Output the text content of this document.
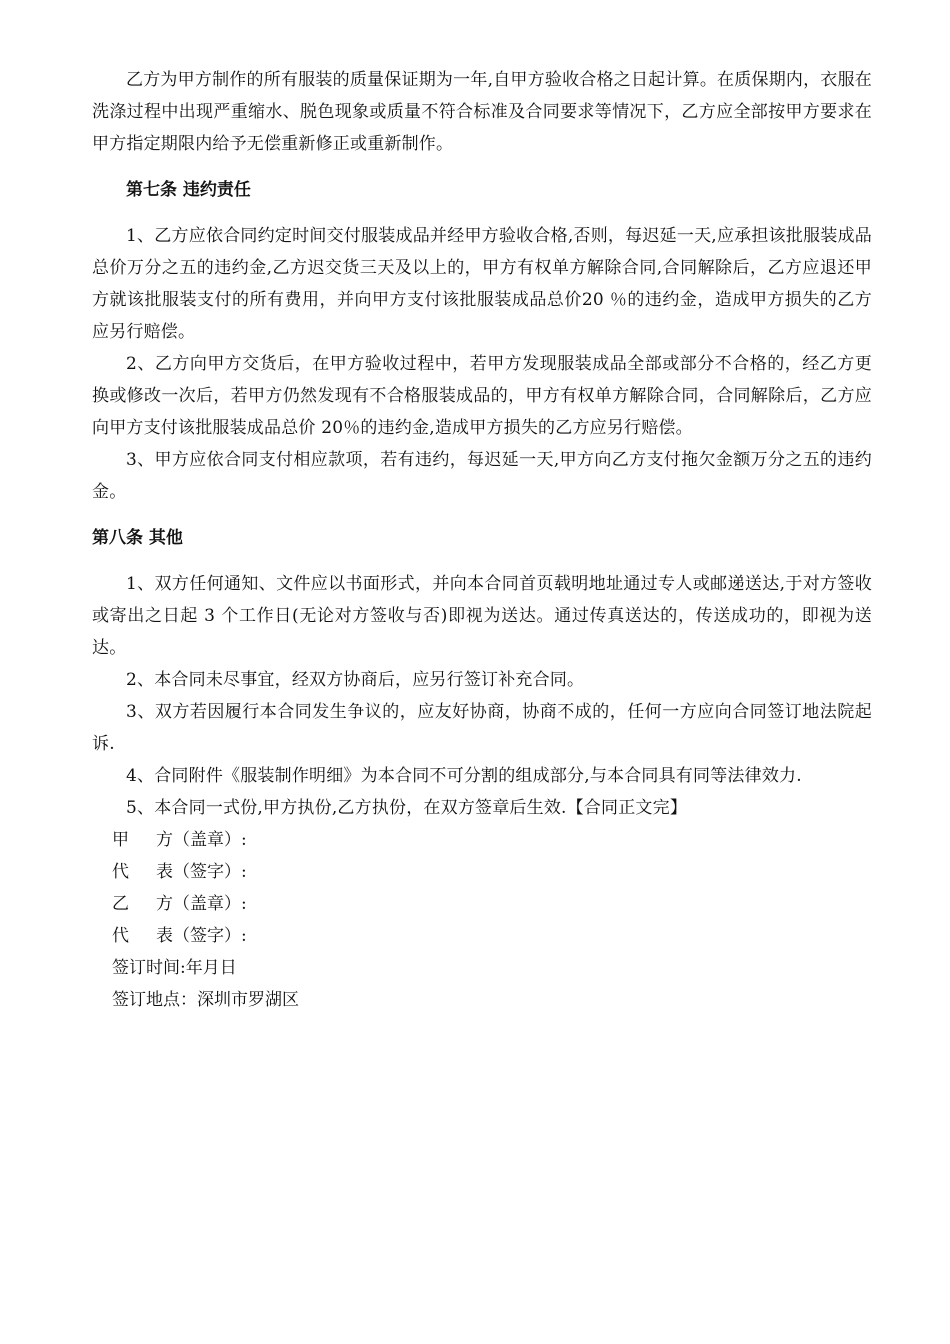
乙方为甲方制作的所有服装的质量保证期为一年,自甲方验收合格之日起计算。在质保期内，衣服在洗涤过程中出现严重缩水、脱色现象或质量不符合标准及合同要求等情况下，乙方应全部按甲方要求在甲方指定期限内给予无偿重新修正或重新制作。

第七条 违约责任

1、乙方应依合同约定时间交付服装成品并经甲方验收合格,否则，每迟延一天,应承担该批服装成品总价万分之五的违约金,乙方迟交货三天及以上的，甲方有权单方解除合同,合同解除后，乙方应退还甲方就该批服装支付的所有费用，并向甲方支付该批服装成品总价20 ％的违约金，造成甲方损失的乙方应另行赔偿。

2、乙方向甲方交货后，在甲方验收过程中，若甲方发现服装成品全部或部分不合格的，经乙方更换或修改一次后，若甲方仍然发现有不合格服装成品的，甲方有权单方解除合同，合同解除后，乙方应向甲方支付该批服装成品总价 20％的违约金,造成甲方损失的乙方应另行赔偿。

3、甲方应依合同支付相应款项，若有违约，每迟延一天,甲方向乙方支付拖欠金额万分之五的违约金。

第八条 其他

1、双方任何通知、文件应以书面形式，并向本合同首页载明地址通过专人或邮递送达,于对方签收或寄出之日起 3 个工作日(无论对方签收与否)即视为送达。通过传真送达的，传送成功的，即视为送达。

2、本合同未尽事宜，经双方协商后，应另行签订补充合同。

3、双方若因履行本合同发生争议的，应友好协商，协商不成的，任何一方应向合同签订地法院起诉.

4、合同附件《服装制作明细》为本合同不可分割的组成部分,与本合同具有同等法律效力.

5、本合同一式份,甲方执份,乙方执份，在双方签章后生效.【合同正文完】

甲     方（盖章）:
代     表（签字）:
乙     方（盖章）:
代     表（签字）:
签订时间:年月日
签订地点：深圳市罗湖区
